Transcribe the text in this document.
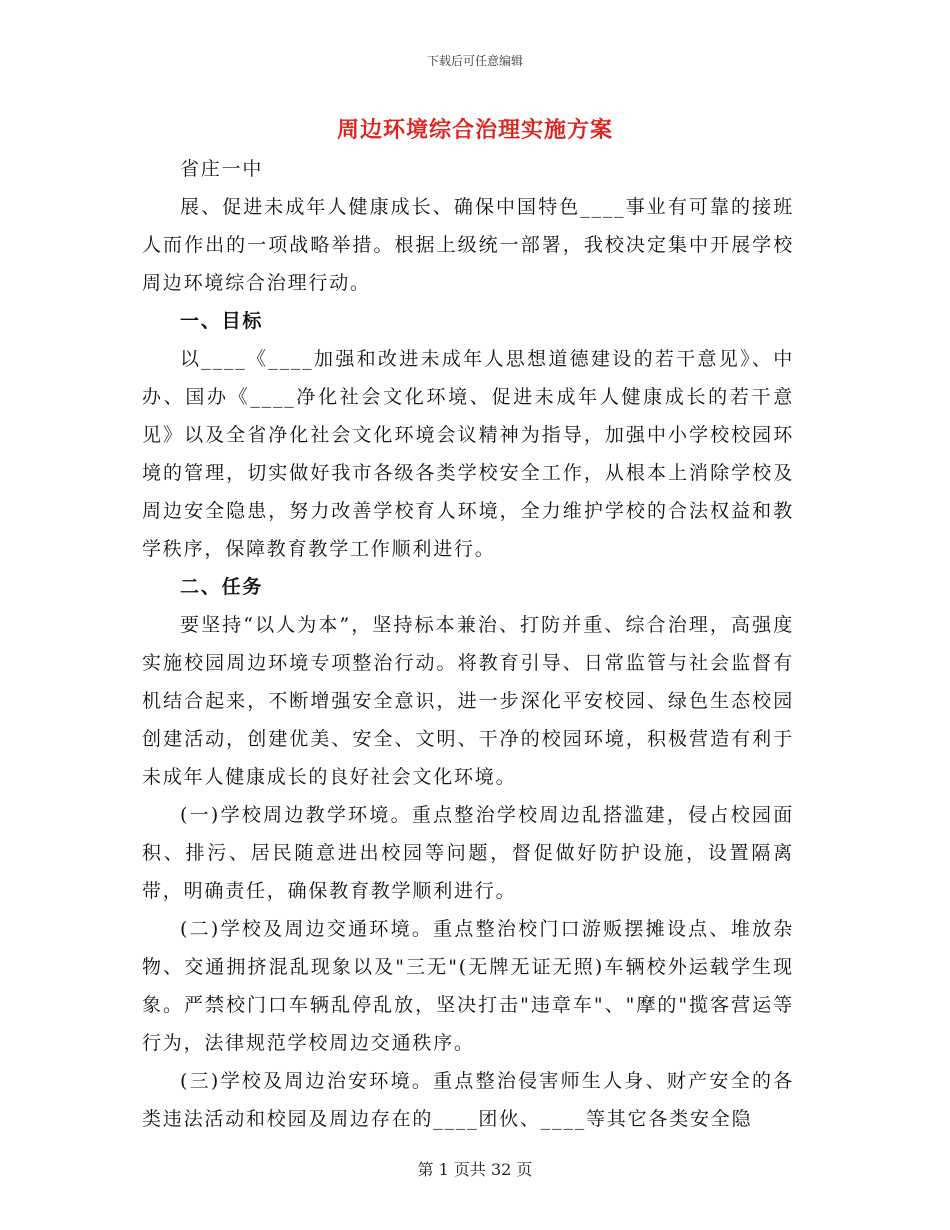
下载后可任意编辑
周边环境综合治理实施方案

省庄一中

展、促进未成年人健康成长、确保中国特色____事业有可靠的接班人而作出的一项战略举措。根据上级统一部署，我校决定集中开展学校周边环境综合治理行动。

一、目标

以____《____加强和改进未成年人思想道德建设的若干意见》、中办、国办《____净化社会文化环境、促进未成年人健康成长的若干意见》以及全省净化社会文化环境会议精神为指导，加强中小学校校园环境的管理，切实做好我市各级各类学校安全工作，从根本上消除学校及周边安全隐患，努力改善学校育人环境，全力维护学校的合法权益和教学秩序，保障教育教学工作顺利进行。

二、任务

要坚持“以人为本”，坚持标本兼治、打防并重、综合治理，高强度实施校园周边环境专项整治行动。将教育引导、日常监管与社会监督有机结合起来，不断增强安全意识，进一步深化平安校园、绿色生态校园创建活动，创建优美、安全、文明、干净的校园环境，积极营造有利于未成年人健康成长的良好社会文化环境。

(一)学校周边教学环境。重点整治学校周边乱搭滥建，侵占校园面积、排污、居民随意进出校园等问题，督促做好防护设施，设置隔离带，明确责任，确保教育教学顺利进行。

(二)学校及周边交通环境。重点整治校门口游贩摆摊设点、堆放杂物、交通拥挤混乱现象以及"三无"(无牌无证无照)车辆校外运载学生现象。严禁校门口车辆乱停乱放，坚决打击"违章车"、"摩的"揽客营运等行为，法律规范学校周边交通秩序。

(三)学校及周边治安环境。重点整治侵害师生人身、财产安全的各类违法活动和校园及周边存在的____团伙、____等其它各类安全隐

第 1 页共 32 页
